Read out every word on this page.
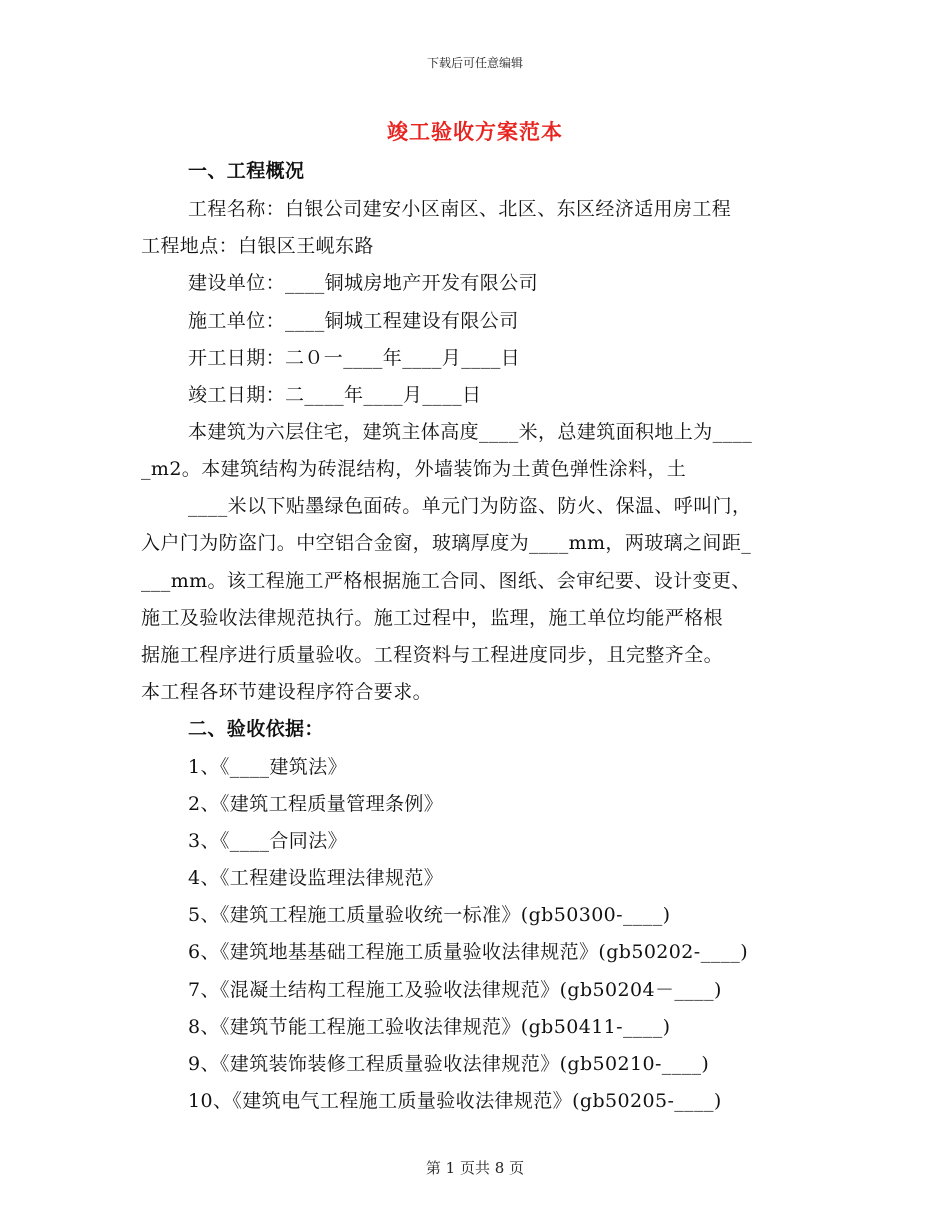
下载后可任意编辑
竣工验收方案范本
一、工程概况
工程名称：白银公司建安小区南区、北区、东区经济适用房工程
工程地点：白银区王岘东路
建设单位：____铜城房地产开发有限公司
施工单位：____铜城工程建设有限公司
开工日期：二０一____年____月____日
竣工日期：二____年____月____日
本建筑为六层住宅，建筑主体高度____米，总建筑面积地上为____
_m2。本建筑结构为砖混结构，外墙装饰为土黄色弹性涂料，土
____米以下贴墨绿色面砖。单元门为防盗、防火、保温、呼叫门，
入户门为防盗门。中空铝合金窗，玻璃厚度为____mm，两玻璃之间距_
___mm。该工程施工严格根据施工合同、图纸、会审纪要、设计变更、
施工及验收法律规范执行。施工过程中，监理，施工单位均能严格根
据施工程序进行质量验收。工程资料与工程进度同步，且完整齐全。
本工程各环节建设程序符合要求。
二、验收依据：
1、《____建筑法》
2、《建筑工程质量管理条例》
3、《____合同法》
4、《工程建设监理法律规范》
5、《建筑工程施工质量验收统一标准》(gb50300-____)
6、《建筑地基基础工程施工质量验收法律规范》(gb50202-____)
7、《混凝土结构工程施工及验收法律规范》(gb50204－____)
8、《建筑节能工程施工验收法律规范》(gb50411-____)
9、《建筑装饰装修工程质量验收法律规范》(gb50210-____)
10、《建筑电气工程施工质量验收法律规范》(gb50205-____)
第 1 页共 8 页
